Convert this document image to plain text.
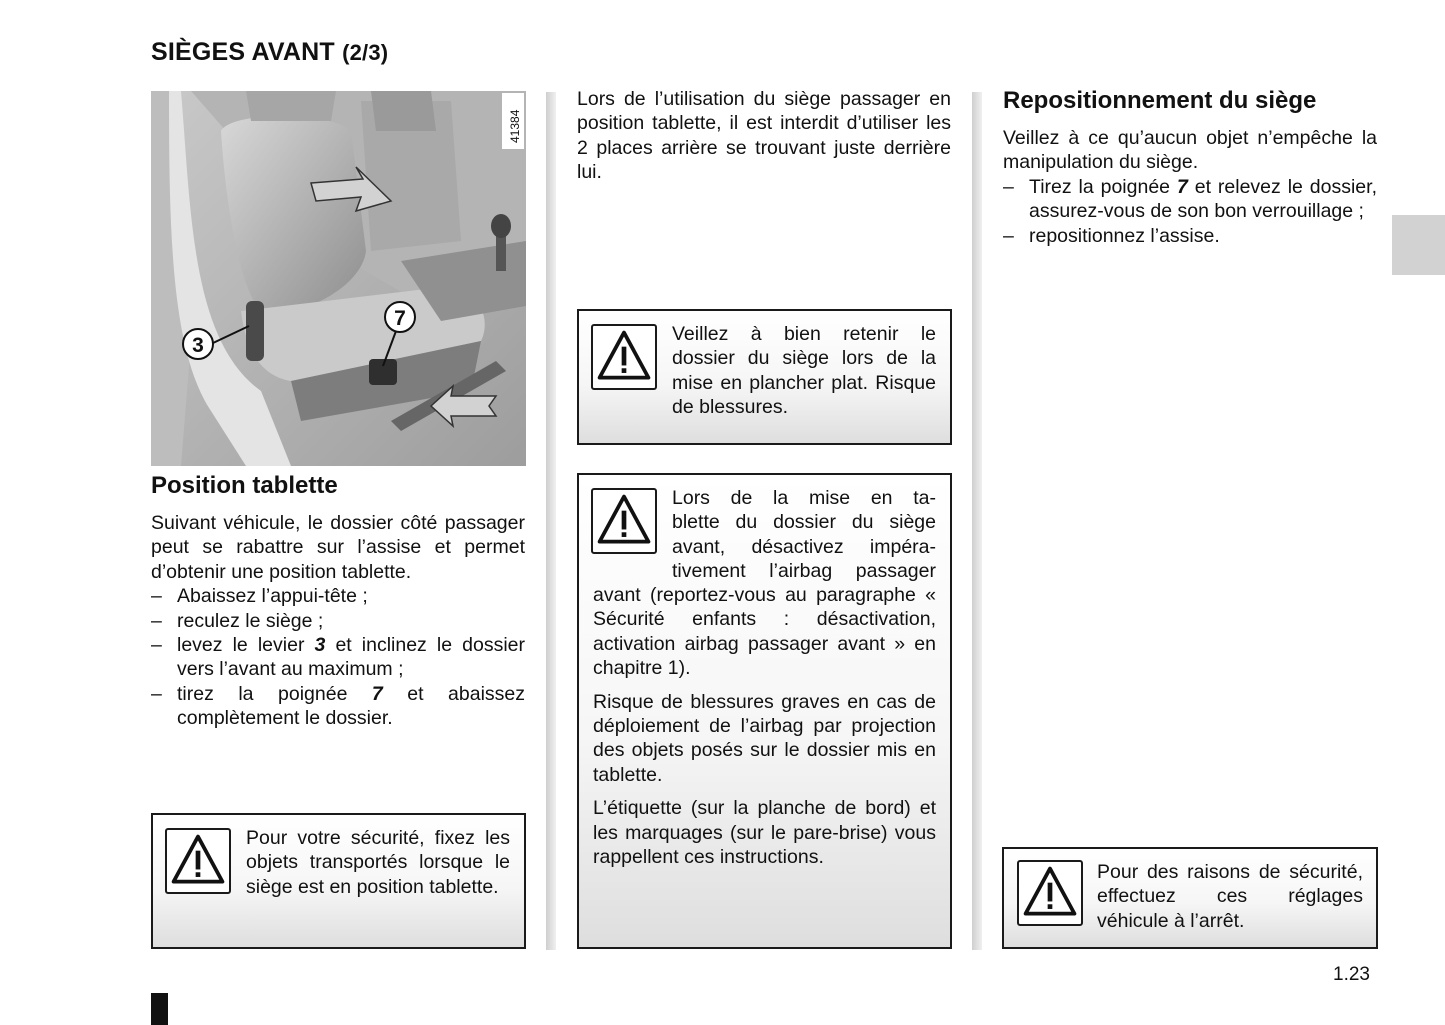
SIÈGES AVANT (2/3)
3
7
41384
Position tablette

Suivant véhicule, le dossier côté passager peut se rabattre sur l’assise et permet d’obtenir une position tablette.

– Abaissez l’appui-tête ;
– reculez le siège ;
– levez le levier 3 et inclinez le dossier vers l’avant au maximum ;
– tirez la poignée 7 et abaissez complètement le dossier.
Pour votre sécurité, fixez les objets transportés lorsque le siège est en position tablette.
Lors de l’utilisation du siège passager en position tablette, il est interdit d’utiliser les 2 places arrière se trouvant juste derrière lui.
Veillez à bien retenir le dossier du siège lors de la mise en plancher plat. Risque de blessures.
Lors de la mise en ta-
blette du dossier du siège
avant, désactivez impéra-
tivement l’airbag passager
avant (reportez-vous au paragraphe « Sécurité enfants : désactivation, activation airbag passager avant » en chapitre 1).
Risque de blessures graves en cas de déploiement de l’airbag par projection des objets posés sur le dossier mis en tablette.
L’étiquette (sur la planche de bord) et les marquages (sur le pare-brise) vous rappellent ces instructions.
Repositionnement du siège

Veillez à ce qu’aucun objet n’empêche la manipulation du siège.

– Tirez la poignée 7 et relevez le dossier, assurez-vous de son bon verrouillage ;
– repositionnez l’assise.
Pour des raisons de sécurité, effectuez ces réglages véhicule à l’arrêt.
1.23
